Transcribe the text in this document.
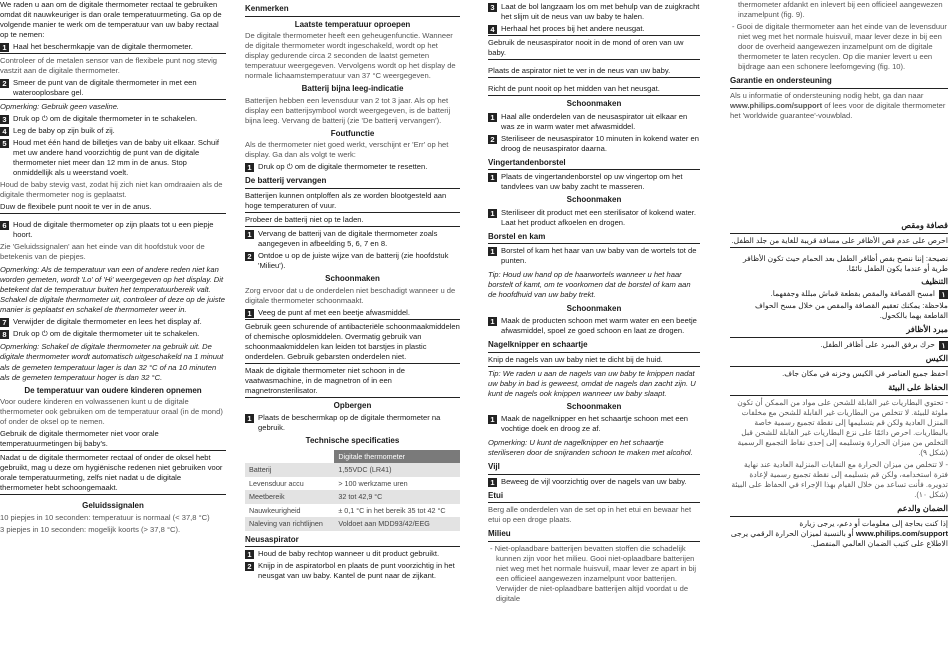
We raden u aan om de digitale thermometer rectaal te gebruiken omdat dit nauwkeuriger is dan orale temperatuurmeting. Ga op de volgende manier te werk om de temperatuur van uw baby rectaal op te nemen:

1 Haal het beschermkapje van de digitale thermometer.

Controleer of de metalen sensor van de flexibele punt nog stevig vastzit aan de digitale thermometer.

2 Smeer de punt van de digitale thermometer in met een waterooplosbare gel.

Opmerking: Gebruik geen vaseline.

3 Druk op ⏻ om de digitale thermometer in te schakelen.
4 Leg de baby op zijn buik of zij.
5 Houd met één hand de billetjes van de baby uit elkaar. Schuif met uw andere hand voorzichtig de punt van de digitale thermometer niet meer dan 12 mm in de anus. Stop onmiddellijk als u weerstand voelt.

Houd de baby stevig vast, zodat hij zich niet kan omdraaien als de digitale thermometer nog is geplaatst.

Duw de flexibele punt nooit te ver in de anus.

6 Houd de digitale thermometer op zijn plaats tot u een piepje hoort.

Zie 'Geluidssignalen' aan het einde van dit hoofdstuk voor de betekenis van de piepjes.

Opmerking: Als de temperatuur van een of andere reden niet kan worden gemeten, wordt 'Lo' of 'Hi' weergegeven op het display. Dit betekent dat de temperatuur buiten het temperatuurbereik valt. Schakel de digitale thermometer uit, controleer of deze op de juiste manier is geplaatst en schakel de thermometer weer in.

7 Verwijder de digitale thermometer en lees het display af.
8 Druk op ⏻ om de digitale thermometer uit te schakelen.

Opmerking: Schakel de digitale thermometer na gebruik uit. De digitale thermometer wordt automatisch uitgeschakeld na 1 minuut als de gemeten temperatuur lager is dan 32 °C of na 10 minuten als de gemeten temperatuur hoger is dan 32 °C.

De temperatuur van oudere kinderen opnemen

Voor oudere kinderen en volwassenen kunt u de digitale thermometer ook gebruiken om de temperatuur oraal (in de mond) of onder de oksel op te nemen.

Gebruik de digitale thermometer niet voor orale temperatuurmetingen bij baby's.

Nadat u de digitale thermometer rectaal of onder de oksel hebt gebruikt, mag u deze om hygiënische redenen niet gebruiken voor orale temperatuurmeting, zelfs niet nadat u de digitale thermometer hebt schoongemaakt.

Geluidssignalen

10 piepjes in 10 seconden: temperatuur is normaal (< 37,8 °C)

3 piepjes in 10 seconden: mogelijk koorts (> 37,8 °C).

Kenmerken
Laatste temperatuur oproepen

De digitale thermometer heeft een geheugenfunctie. Wanneer de digitale thermometer wordt ingeschakeld, wordt op het display gedurende circa 2 seconden de laatst gemeten temperatuur weergegeven. Vervolgens wordt op het display de normale lichaamstemperatuur van 37 °C weergegeven.

Batterij bijna leeg-indicatie

Batterijen hebben een levensduur van 2 tot 3 jaar. Als op het display een batterijsymbool wordt weergegeven, is de batterij bijna leeg. Vervang de batterij (zie 'De batterij vervangen').

Foutfunctie

Als de thermometer niet goed werkt, verschijnt er 'Err' op het display. Ga dan als volgt te werk:

1 Druk op ⏻ om de digitale thermometer te resetten.
De batterij vervangen

Batterijen kunnen ontploffen als ze worden blootgesteld aan hoge temperaturen of vuur.

Probeer de batterij niet op te laden.

1 Vervang de batterij van de digitale thermometer zoals aangegeven in afbeelding 5, 6, 7 en 8.
2 Ontdoe u op de juiste wijze van de batterij (zie hoofdstuk 'Milieu').
Schoonmaken

Zorg ervoor dat u de onderdelen niet beschadigt wanneer u de digitale thermometer schoonmaakt.

1 Veeg de punt af met een beetje afwasmiddel.

Gebruik geen schurende of antibacteriële schoonmaakmiddelen of chemische oplosmiddelen. Overmatig gebruik van schoonmaakmiddelen kan leiden tot barstjes in plastic onderdelen. Gebruik gebarsten onderdelen niet.

Maak de digitale thermometer niet schoon in de vaatwasmachine, in de magnetron of in een magnetronsterilisator.

Opbergen
1 Plaats de beschermkap op de digitale thermometer na gebruik.
Technische specificaties
	Digitale thermometer
Batterij	1,55VDC (LR41)
Levensduur accu	> 100 werkzame uren
Meetbereik	32 tot 42,9 °C
Nauwkeurigheid	± 0,1 °C in het bereik 35 tot 42 °C
Naleving van richtlijnen	Voldoet aan MDD93/42/EEG
Neusaspirator
1 Houd de baby rechtop wanneer u dit product gebruikt.
2 Knijp in de aspiratorbol en plaats de punt voorzichtig in het neusgat van uw baby. Kantel de punt naar de zijkant.
3 Laat de bol langzaam los om met behulp van de zuigkracht het slijm uit de neus van uw baby te halen.
4 Herhaal het proces bij het andere neusgat.

Gebruik de neusaspirator nooit in de mond of oren van uw baby.

Plaats de aspirator niet te ver in de neus van uw baby.

Richt de punt nooit op het midden van het neusgat.

Schoonmaken
1 Haal alle onderdelen van de neusaspirator uit elkaar en was ze in warm water met afwasmiddel.
2 Steriliseer de neusaspirator 10 minuten in kokend water en droog de neusaspirator daarna.
Vingertandenborstel
1 Plaats de vingertandenborstel op uw vingertop om het tandvlees van uw baby zacht te masseren.
Schoonmaken
1 Steriliseer dit product met een sterilisator of kokend water. Laat het product afkoelen en drogen.
Borstel en kam
1 Borstel of kam het haar van uw baby van de wortels tot de punten.

Tip: Houd uw hand op de haarwortels wanneer u het haar borstelt of kamt, om te voorkomen dat de borstel of kam aan de hoofdhuid van uw baby trekt.

Schoonmaken
1 Maak de producten schoon met warm water en een beetje afwasmiddel, spoel ze goed schoon en laat ze drogen.
Nagelknipper en schaartje

Knip de nagels van uw baby niet te dicht bij de huid.

Tip: We raden u aan de nagels van uw baby te knippen nadat uw baby in bad is geweest, omdat de nagels dan zacht zijn. U kunt de nagels ook knippen wanneer uw baby slaapt.

Schoonmaken
1 Maak de nagelknipper en het schaartje schoon met een vochtige doek en droog ze af.

Opmerking: U kunt de nagelknipper en het schaartje steriliseren door de snijranden schoon te maken met alcohol.

Vijl
1 Beweeg de vijl voorzichtig over de nagels van uw baby.
Etui

Berg alle onderdelen van de set op in het etui en bewaar het etui op een droge plaats.

Milieu

- Niet-oplaadbare batterijen bevatten stoffen die schadelijk kunnen zijn voor het milieu. Gooi niet-oplaadbare batterijen niet weg met het normale huisvuil, maar lever ze apart in bij een officieel aangewezen inzamelpunt voor batterijen. Verwijder de niet-oplaadbare batterijen altijd voordat u de digitale

thermometer afdankt en inlevert bij een officieel aangewezen inzamelpunt (fig. 9).

- Gooi de digitale thermometer aan het einde van de levensduur niet weg met het normale huisvuil, maar lever deze in bij een door de overheid aangewezen inzamelpunt om de digitale thermometer te laten recyclen. Op die manier levert u een bijdrage aan een schonere leefomgeving (fig. 10).

Garantie en ondersteuning

Als u informatie of ondersteuning nodig hebt, ga dan naar www.philips.com/support of lees voor de digitale thermometer het 'worldwide guarantee'-vouwblad.

قصافة ومقص

احرص على عدم قص الأظافر على مسافة قريبة للغاية من جلد الطفل.

نصيحة: إننا ننصح بقص أظافر الطفل بعد الحمام حيث تكون الأظافر طرية أو عندما يكون الطفل نائمًا.

التنظيف
١
امسح القصافة والمقص بقطعة قماش مبللة وجففهما.

ملاحظة: يمكنك تعقيم القصافة والمقص من خلال مسح الحواف القاطعة بهما بالكحول.

مبرد الأظافر
١
حرك برفق المبرد على أظافر الطفل.
الكيس

احفظ جميع العناصر في الكيس وخزنه في مكان جاف.

الحفاظ على البيئة

- تحتوي البطاريات غير القابلة للشحن على مواد من الممكن أن تكون ملوثة للبيئة. لا تتخلص من البطاريات غير القابلة للشحن مع مخلفات المنزل العادية ولكن قم بتسليمها إلى نقطة تجميع رسمية خاصة بالبطاريات. احرص دائمًا على نزع البطاريات غير القابلة للشحن قبل التخلص من ميزان الحرارة وتسليمه إلى إحدى نقاط التجميع الرسمية (شكل ٩).

- لا تتخلص من ميزان الحرارة مع النفايات المنزلية العادية عند نهاية فترة استخدامه، ولكن قم بتسليمه إلى نقطة تجميع رسمية لإعادة تدويره. فأنت تساعد من خلال القيام بهذا الإجراء في الحفاظ على البيئة (شكل ١٠).

الضمان والدعم

إذا كنت بحاجة إلى معلومات أو دعم، يرجى زيارة www.philips.com/support أو بالنسبة لميزان الحرارة الرقمي يرجى الاطلاع على كتيب الضمان العالمي المنفصل.
